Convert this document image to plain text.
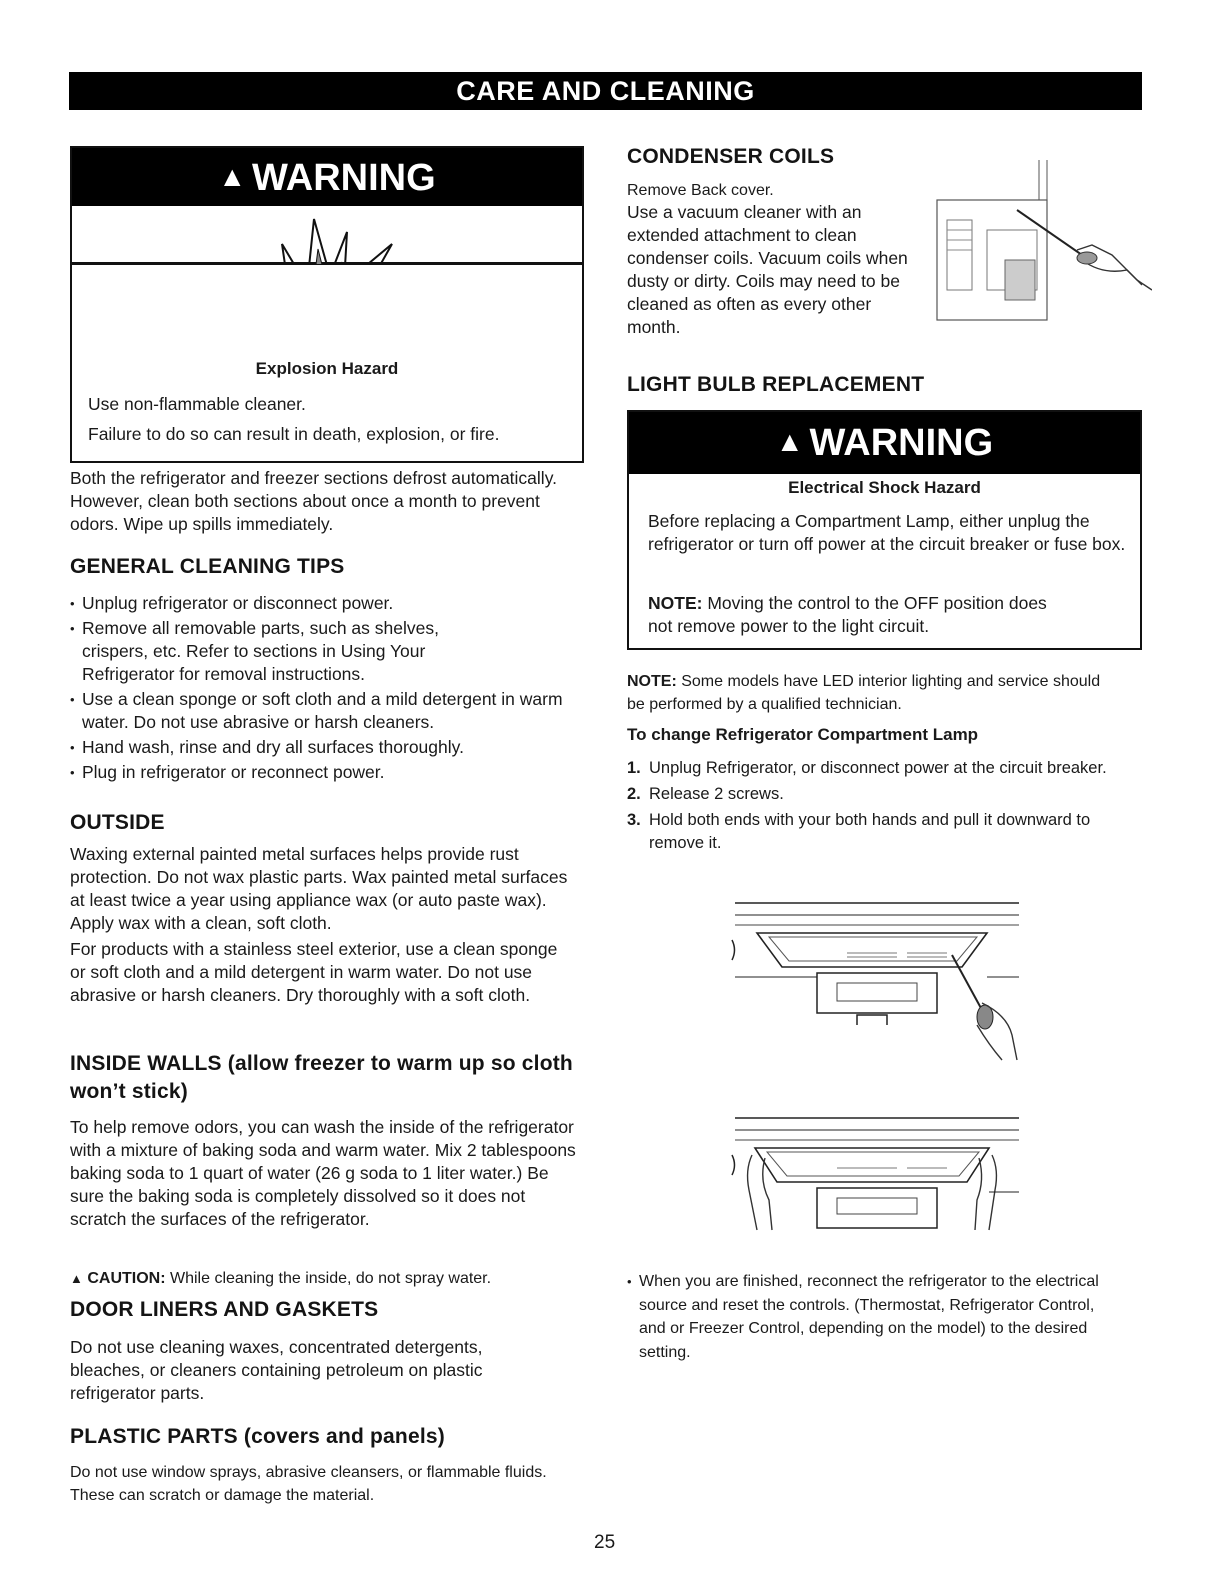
CARE AND CLEANING
▲ WARNING

Explosion Hazard

Use non-flammable cleaner.

Failure to do so can result in death, explosion, or fire.

Both the refrigerator and freezer sections defrost automatically. However, clean both sections about once a month to prevent odors. Wipe up spills immediately.

GENERAL CLEANING TIPS
• Unplug refrigerator or disconnect power.
• Remove all removable parts, such as shelves, crispers, etc. Refer to sections in Using Your Refrigerator for removal instructions.
• Use a clean sponge or soft cloth and a mild detergent in warm water. Do not use abrasive or harsh cleaners.
• Hand wash, rinse and dry all surfaces thoroughly.
• Plug in refrigerator or reconnect power.
OUTSIDE

Waxing external painted metal surfaces helps provide rust protection. Do not wax plastic parts. Wax painted metal surfaces at least twice a year using appliance wax (or auto paste wax). Apply wax with a clean, soft cloth.

For products with a stainless steel exterior, use a clean sponge or soft cloth and a mild detergent in warm water. Do not use abrasive or harsh cleaners. Dry thoroughly with a soft cloth.

INSIDE WALLS (allow freezer to warm up so cloth won’t stick)

To help remove odors, you can wash the inside of the refrigerator with a mixture of baking soda and warm water. Mix 2 tablespoons baking soda to 1 quart of water (26 g soda to 1 liter water.) Be sure the baking soda is completely dissolved so it does not scratch the surfaces of the refrigerator.

▲ CAUTION: While cleaning the inside, do not spray water.

DOOR LINERS AND GASKETS

Do not use cleaning waxes, concentrated detergents, bleaches, or cleaners containing petroleum on plastic refrigerator parts.

PLASTIC PARTS (covers and panels)

Do not use window sprays, abrasive cleansers, or flammable fluids. These can scratch or damage the material.

25

CONDENSER COILS

Remove Back cover.

Use a vacuum cleaner with an extended attachment to clean condenser coils. Vacuum coils when dusty or dirty. Coils may need to be cleaned as often as every other month.

LIGHT BULB REPLACEMENT
▲ WARNING

Electrical Shock Hazard

Before replacing a Compartment Lamp, either unplug the refrigerator or turn off power at the circuit breaker or fuse box.

NOTE: Moving the control to the OFF position does not remove power to the light circuit.

NOTE: Some models have LED interior lighting and service should be performed by a qualified technician.

To change Refrigerator Compartment Lamp

1. Unplug Refrigerator, or disconnect power at the circuit breaker.
2. Release 2 screws.
3. Hold both ends with your both hands and pull it downward to remove it.
• When you are finished, reconnect the refrigerator to the electrical source and reset the controls. (Thermostat, Refrigerator Control, and or Freezer Control, depending on the model) to the desired setting.
